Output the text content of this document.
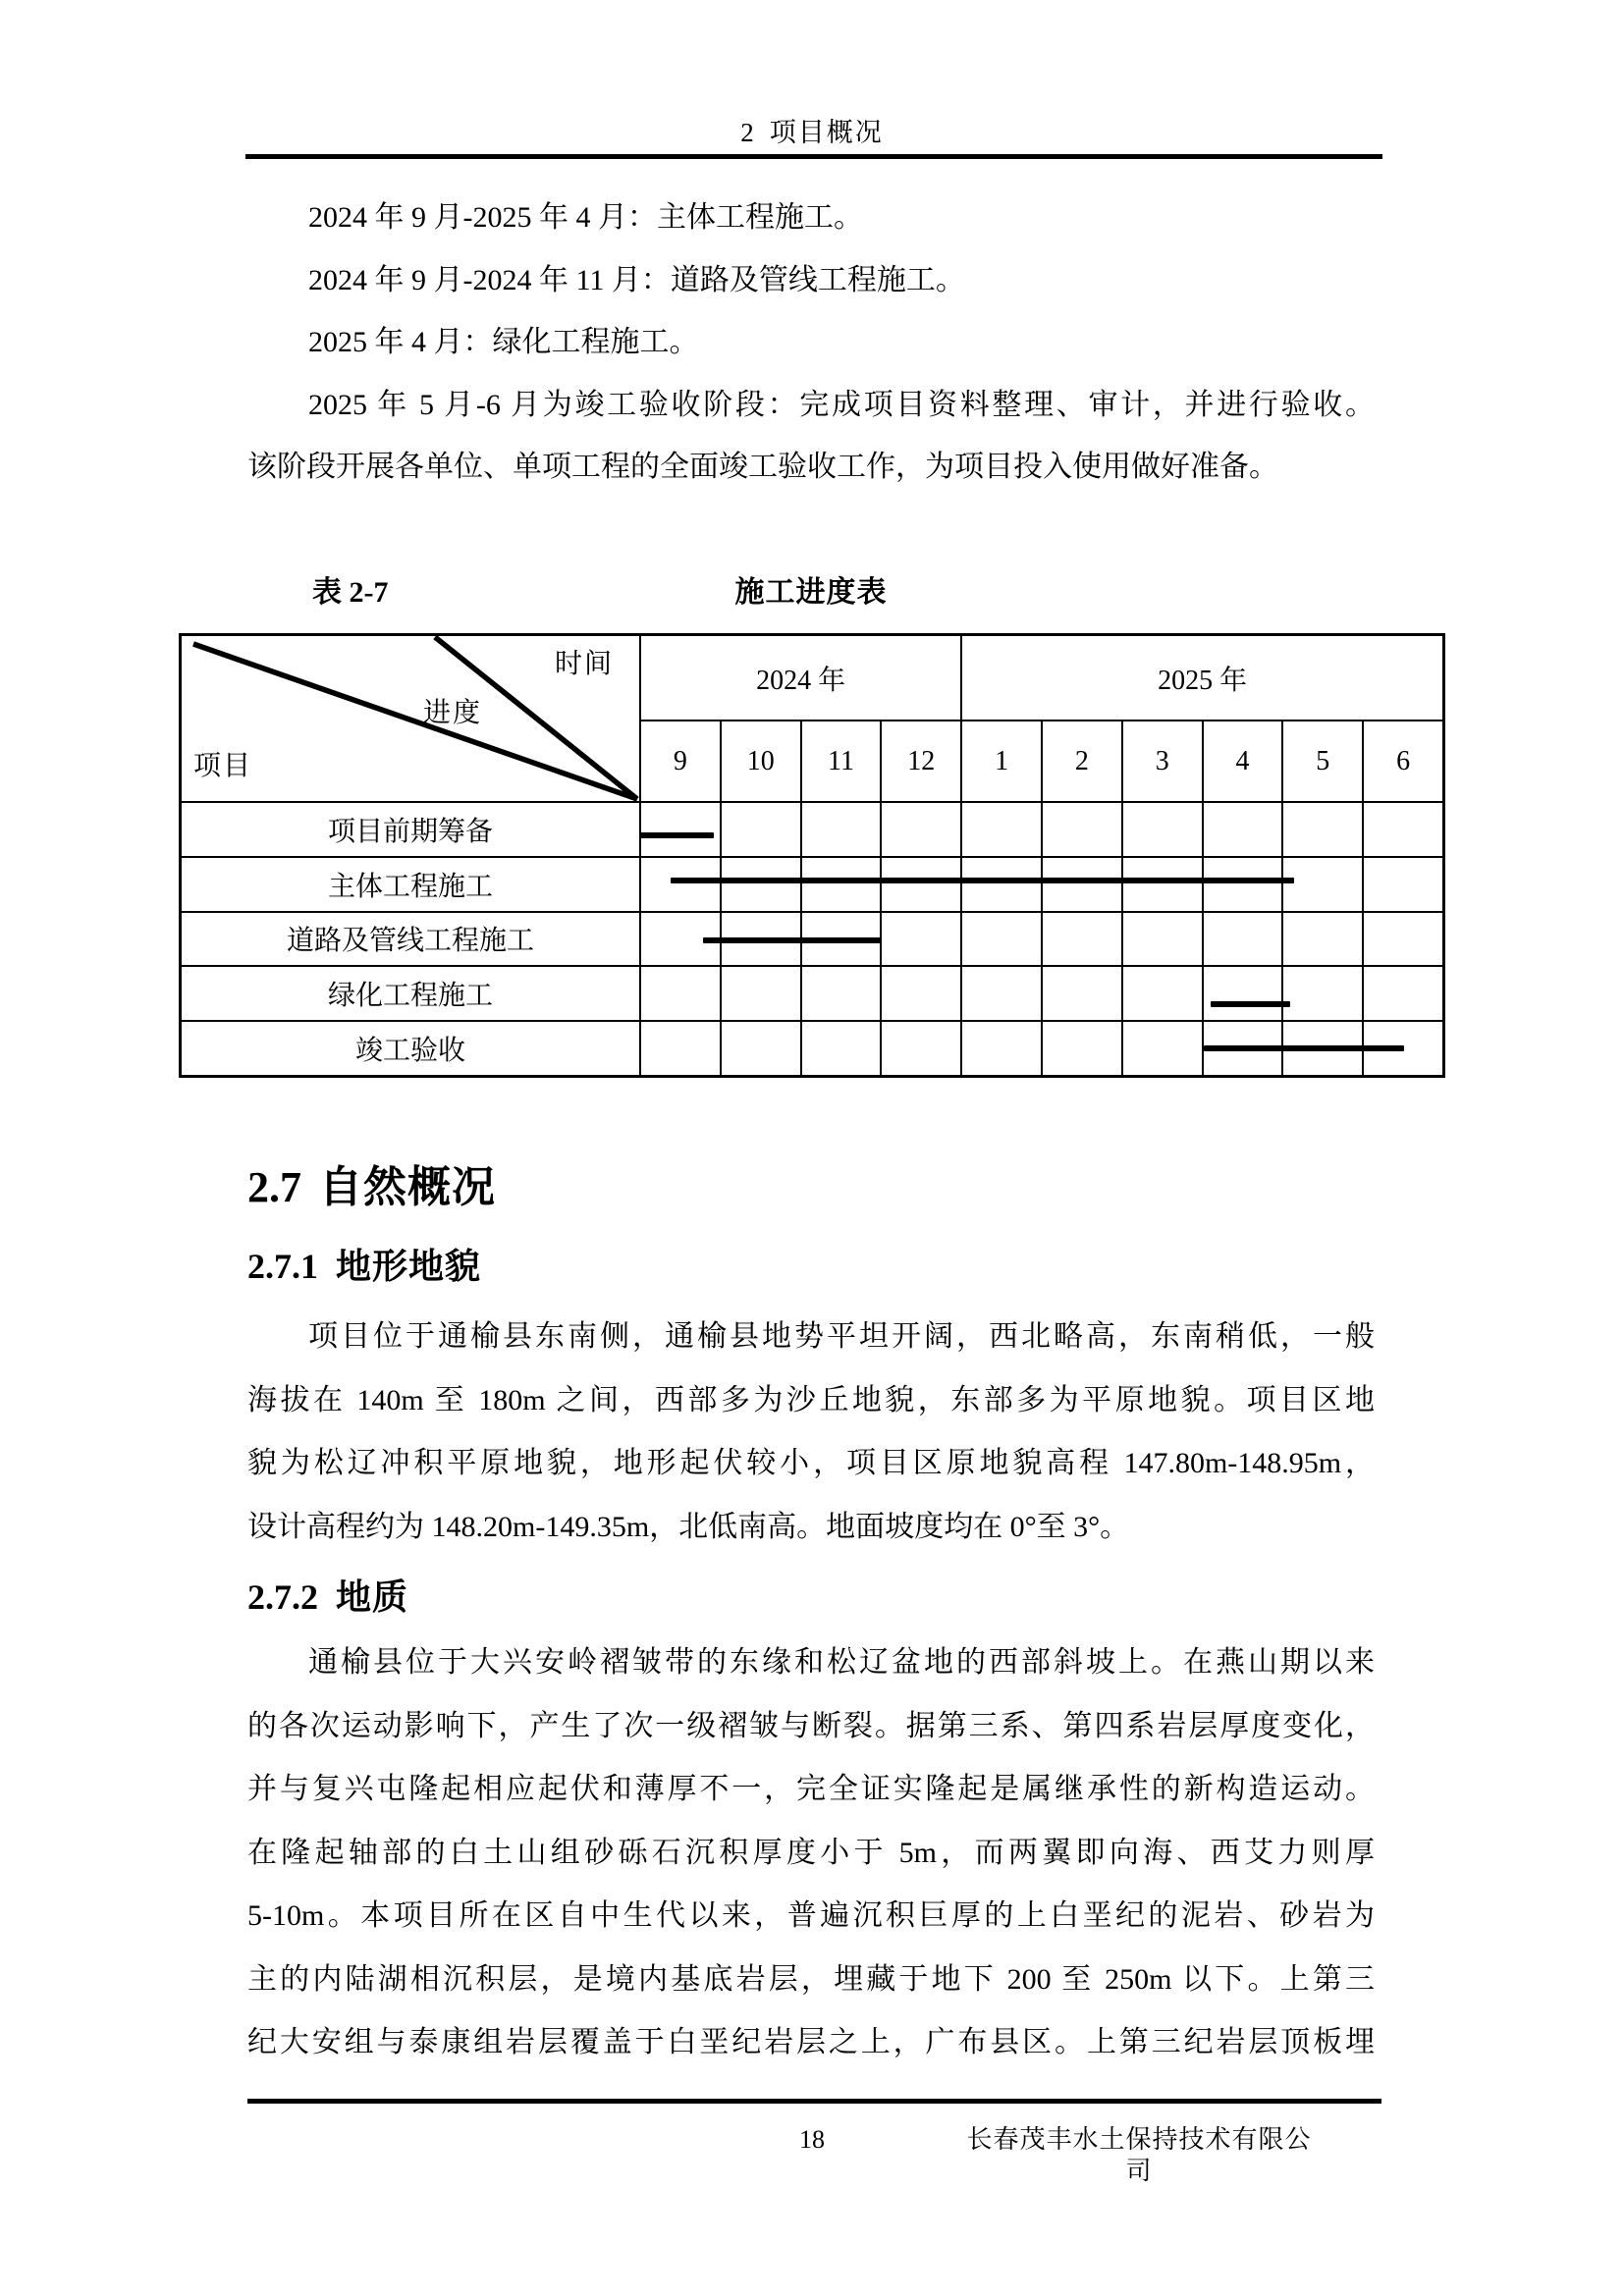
2 项目概况

2024 年 9 月-2025 年 4 月：主体工程施工。

2024 年 9 月-2024 年 11 月：道路及管线工程施工。

2025 年 4 月：绿化工程施工。

2025 年 5 月-6 月为竣工验收阶段：完成项目资料整理、审计，并进行验收。
该阶段开展各单位、单项工程的全面竣工验收工作，为项目投入使用做好准备。
表 2-7	施工进度表
时间
进度
项目
2024 年	2025 年
9	10	11	12	1	2	3	4	5	6
项目前期筹备
主体工程施工
道路及管线工程施工
绿化工程施工
竣工验收
2.7 自然概况
2.7.1 地形地貌
项目位于通榆县东南侧，通榆县地势平坦开阔，西北略高，东南稍低，一般
海拔在 140m 至 180m 之间，西部多为沙丘地貌，东部多为平原地貌。项目区地
貌为松辽冲积平原地貌，地形起伏较小，项目区原地貌高程 147.80m-148.95m，
设计高程约为 148.20m-149.35m，北低南高。地面坡度均在 0°至 3°。
2.7.2 地质
通榆县位于大兴安岭褶皱带的东缘和松辽盆地的西部斜坡上。在燕山期以来
的各次运动影响下，产生了次一级褶皱与断裂。据第三系、第四系岩层厚度变化，
并与复兴屯隆起相应起伏和薄厚不一，完全证实隆起是属继承性的新构造运动。
在隆起轴部的白土山组砂砾石沉积厚度小于 5m，而两翼即向海、西艾力则厚
5-10m。本项目所在区自中生代以来，普遍沉积巨厚的上白垩纪的泥岩、砂岩为
主的内陆湖相沉积层，是境内基底岩层，埋藏于地下 200 至 250m 以下。上第三
纪大安组与泰康组岩层覆盖于白垩纪岩层之上，广布县区。上第三纪岩层顶板埋
18	长春茂丰水土保持技术有限公司
